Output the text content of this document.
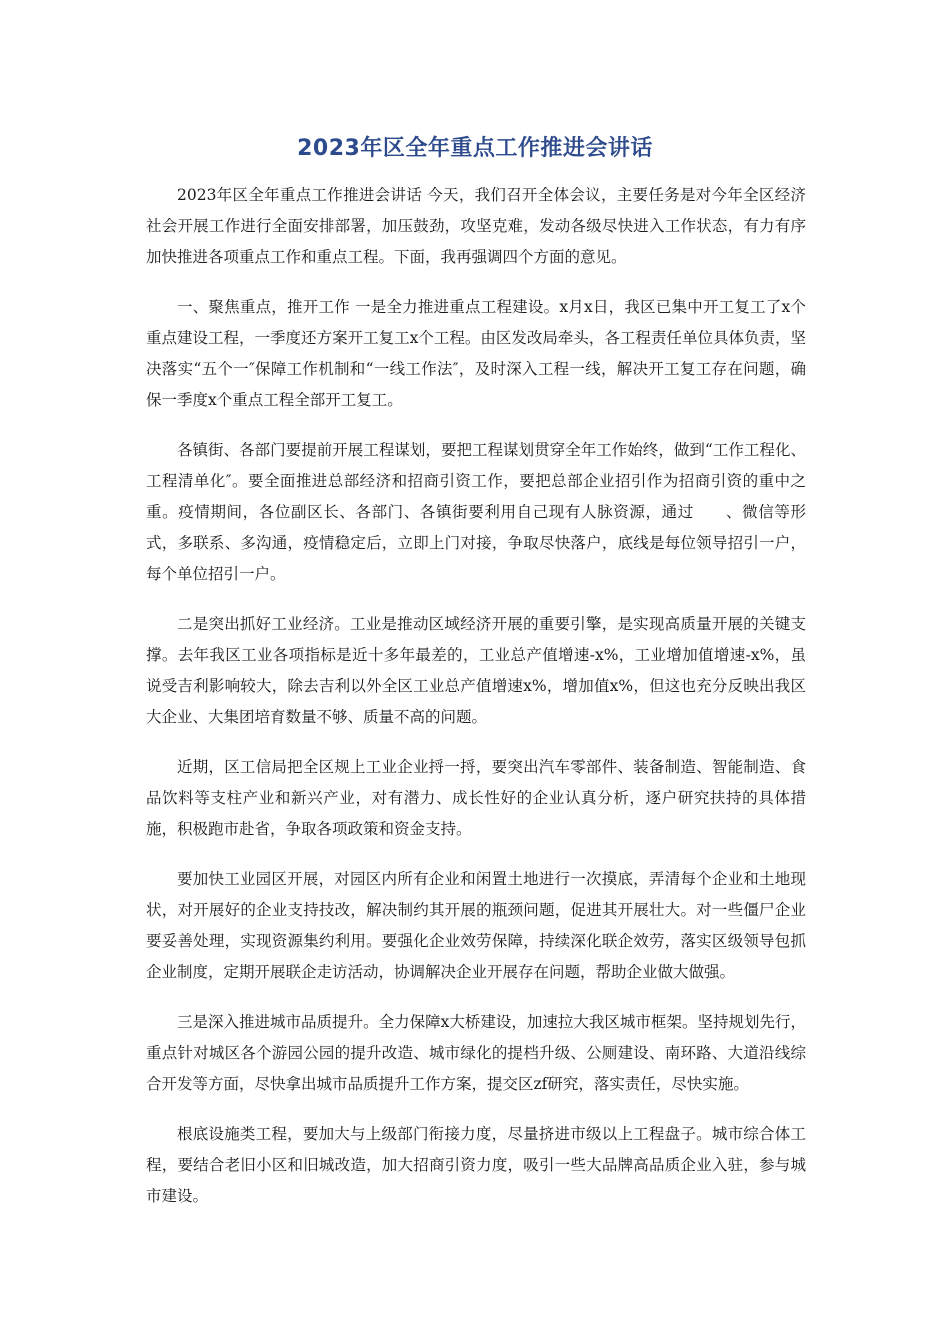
2023年区全年重点工作推进会讲话

2023年区全年重点工作推进会讲话 今天，我们召开全体会议，主要任务是对今年全区经济社会开展工作进行全面安排部署，加压鼓劲，攻坚克难，发动各级尽快进入工作状态，有力有序加快推进各项重点工作和重点工程。下面，我再强调四个方面的意见。

一、聚焦重点，推开工作 一是全力推进重点工程建设。x月x日，我区已集中开工复工了x个重点建设工程，一季度还方案开工复工x个工程。由区发改局牵头，各工程责任单位具体负责，坚决落实“五个一″保障工作机制和“一线工作法″，及时深入工程一线，解决开工复工存在问题，确保一季度x个重点工程全部开工复工。

各镇街、各部门要提前开展工程谋划，要把工程谋划贯穿全年工作始终，做到“工作工程化、工程清单化″。要全面推进总部经济和招商引资工作，要把总部企业招引作为招商引资的重中之重。疫情期间，各位副区长、各部门、各镇街要利用自己现有人脉资源，通过　　、微信等形式，多联系、多沟通，疫情稳定后，立即上门对接，争取尽快落户，底线是每位领导招引一户，每个单位招引一户。

二是突出抓好工业经济。工业是推动区域经济开展的重要引擎，是实现高质量开展的关键支撑。去年我区工业各项指标是近十多年最差的，工业总产值增速-x%，工业增加值增速-x%，虽说受吉利影响较大，除去吉利以外全区工业总产值增速x%，增加值x%，但这也充分反映出我区大企业、大集团培育数量不够、质量不高的问题。

近期，区工信局把全区规上工业企业捋一捋，要突出汽车零部件、装备制造、智能制造、食品饮料等支柱产业和新兴产业，对有潜力、成长性好的企业认真分析，逐户研究扶持的具体措施，积极跑市赴省，争取各项政策和资金支持。

要加快工业园区开展，对园区内所有企业和闲置土地进行一次摸底，弄清每个企业和土地现状，对开展好的企业支持技改，解决制约其开展的瓶颈问题，促进其开展壮大。对一些僵尸企业要妥善处理，实现资源集约利用。要强化企业效劳保障，持续深化联企效劳，落实区级领导包抓企业制度，定期开展联企走访活动，协调解决企业开展存在问题，帮助企业做大做强。

三是深入推进城市品质提升。全力保障x大桥建设，加速拉大我区城市框架。坚持规划先行，重点针对城区各个游园公园的提升改造、城市绿化的提档升级、公厕建设、南环路、大道沿线综合开发等方面，尽快拿出城市品质提升工作方案，提交区zf研究，落实责任，尽快实施。

根底设施类工程，要加大与上级部门衔接力度，尽量挤进市级以上工程盘子。城市综合体工程，要结合老旧小区和旧城改造，加大招商引资力度，吸引一些大品牌高品质企业入驻，参与城市建设。
